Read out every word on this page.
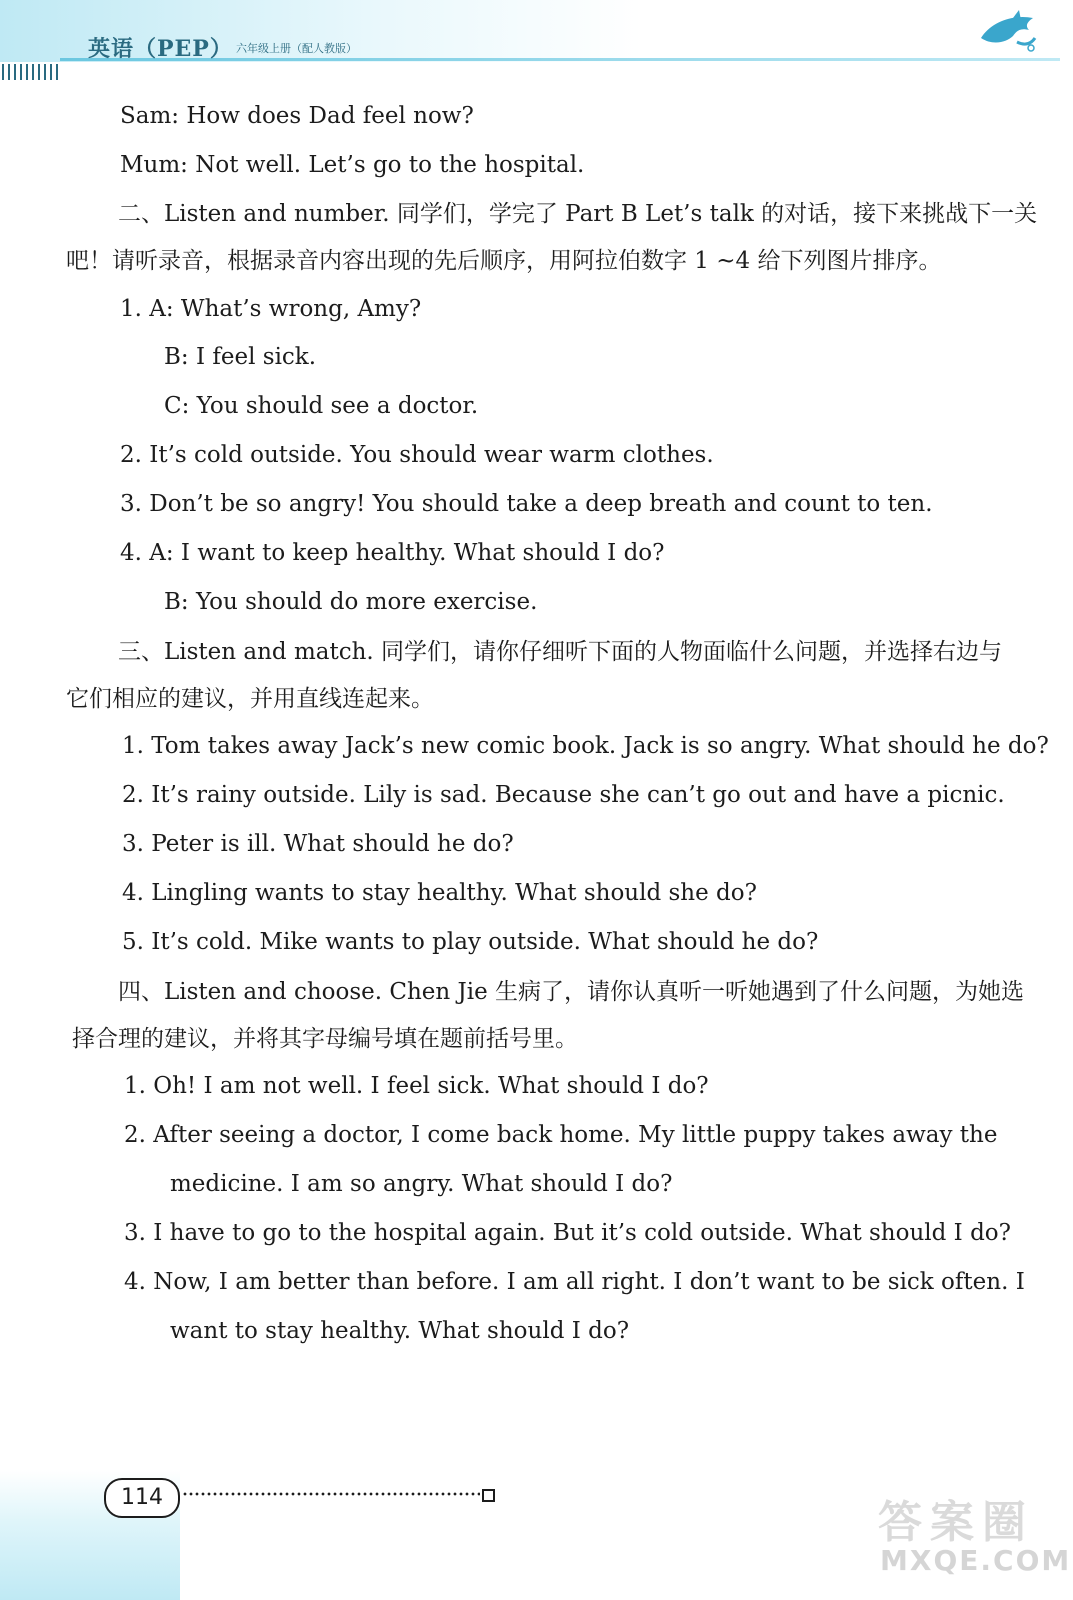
英语（PEP） 六年级上册（配人教版）
Sam: How does Dad feel now?
Mum: Not well. Let’s go to the hospital.
二、Listen and number. 同学们，学完了 Part B Let’s talk 的对话，接下来挑战下一关
吧！请听录音，根据录音内容出现的先后顺序，用阿拉伯数字 1 ~4 给下列图片排序。
1. A: What’s wrong, Amy?
B: I feel sick.
C: You should see a doctor.
2. It’s cold outside. You should wear warm clothes.
3. Don’t be so angry! You should take a deep breath and count to ten.
4. A: I want to keep healthy. What should I do?
B: You should do more exercise.
三、Listen and match. 同学们，请你仔细听下面的人物面临什么问题，并选择右边与
它们相应的建议，并用直线连起来。
1. Tom takes away Jack’s new comic book. Jack is so angry. What should he do?
2. It’s rainy outside. Lily is sad. Because she can’t go out and have a picnic.
3. Peter is ill. What should he do?
4. Lingling wants to stay healthy. What should she do?
5. It’s cold. Mike wants to play outside. What should he do?
四、Listen and choose. Chen Jie 生病了，请你认真听一听她遇到了什么问题，为她选
择合理的建议，并将其字母编号填在题前括号里。
1. Oh! I am not well. I feel sick. What should I do?
2. After seeing a doctor, I come back home. My little puppy takes away the
medicine. I am so angry. What should I do?
3. I have to go to the hospital again. But it’s cold outside. What should I do?
4. Now, I am better than before. I am all right. I don’t want to be sick often. I
want to stay healthy. What should I do?
114	答案圈
MXQE.COM
